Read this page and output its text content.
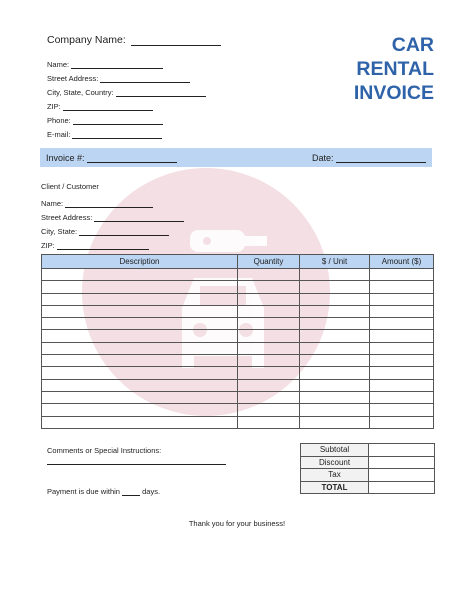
Company Name:
Name:
Street Address:
City, State, Country:
ZIP:
Phone:
E-mail:
CAR
RENTAL
INVOICE
Invoice #:	Date:
Client / Customer
Name:
Street Address:
City, State:
ZIP:
Description	Quantity	$ / Unit	Amount ($)

Comments or Special Instructions:
Payment is due within	days.
Subtotal	
Discount	
Tax	
TOTAL	
Thank you for your business!
